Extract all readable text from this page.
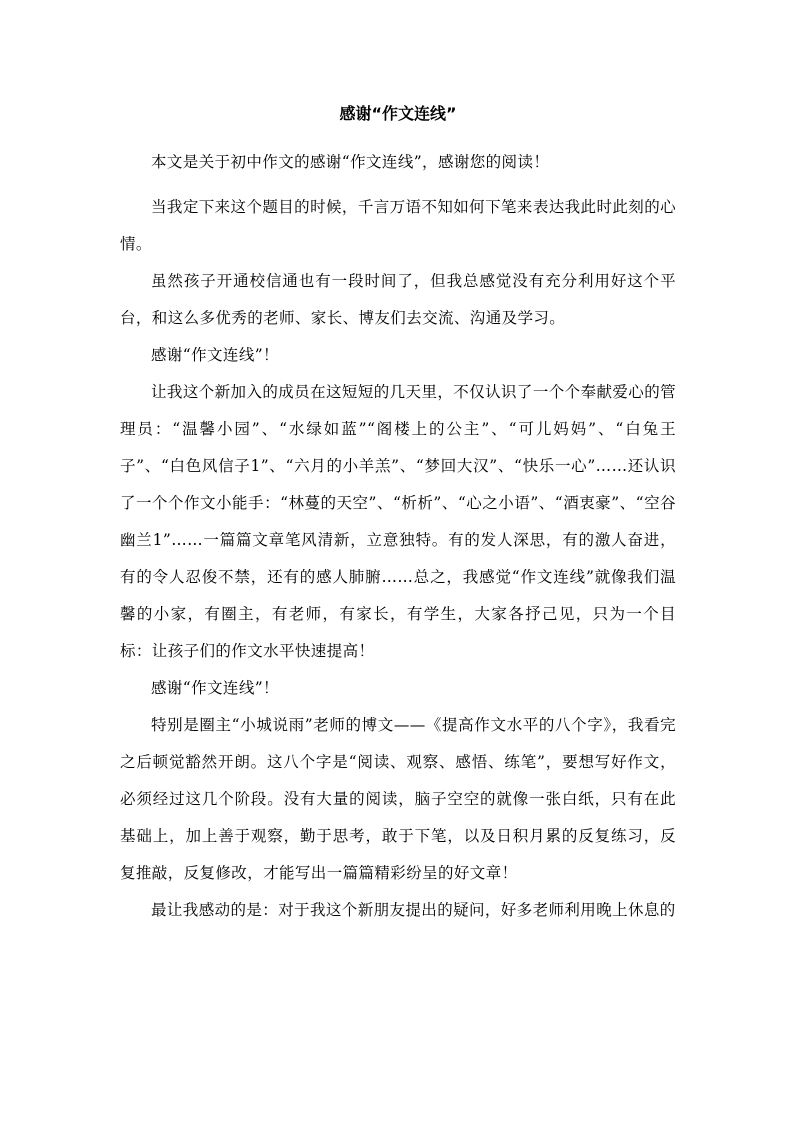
感谢“作文连线”

本文是关于初中作文的感谢“作文连线”，感谢您的阅读！

当我定下来这个题目的时候，千言万语不知如何下笔来表达我此时此刻的心情。

虽然孩子开通校信通也有一段时间了，但我总感觉没有充分利用好这个平台，和这么多优秀的老师、家长、博友们去交流、沟通及学习。

感谢“作文连线”！

让我这个新加入的成员在这短短的几天里，不仅认识了一个个奉献爱心的管理员：“温馨小园”、“水绿如蓝”“阁楼上的公主”、“可儿妈妈”、“白兔王子”、“白色风信子1”、“六月的小羊羔”、“梦回大汉”、“快乐一心”……还认识了一个个作文小能手：“林蔓的天空”、“析析”、“心之小语”、“酒衷豪”、“空谷幽兰1”……一篇篇文章笔风清新，立意独特。有的发人深思，有的激人奋进，有的令人忍俊不禁，还有的感人肺腑……总之，我感觉“作文连线”就像我们温馨的小家，有圈主，有老师，有家长，有学生，大家各抒己见，只为一个目标：让孩子们的作文水平快速提高！

感谢“作文连线”！

特别是圈主“小城说雨”老师的博文——《提高作文水平的八个字》，我看完之后顿觉豁然开朗。这八个字是“阅读、观察、感悟、练笔”，要想写好作文，必须经过这几个阶段。没有大量的阅读，脑子空空的就像一张白纸，只有在此基础上，加上善于观察，勤于思考，敢于下笔，以及日积月累的反复练习，反复推敲，反复修改，才能写出一篇篇精彩纷呈的好文章！

最让我感动的是：对于我这个新朋友提出的疑问，好多老师利用晚上休息的
